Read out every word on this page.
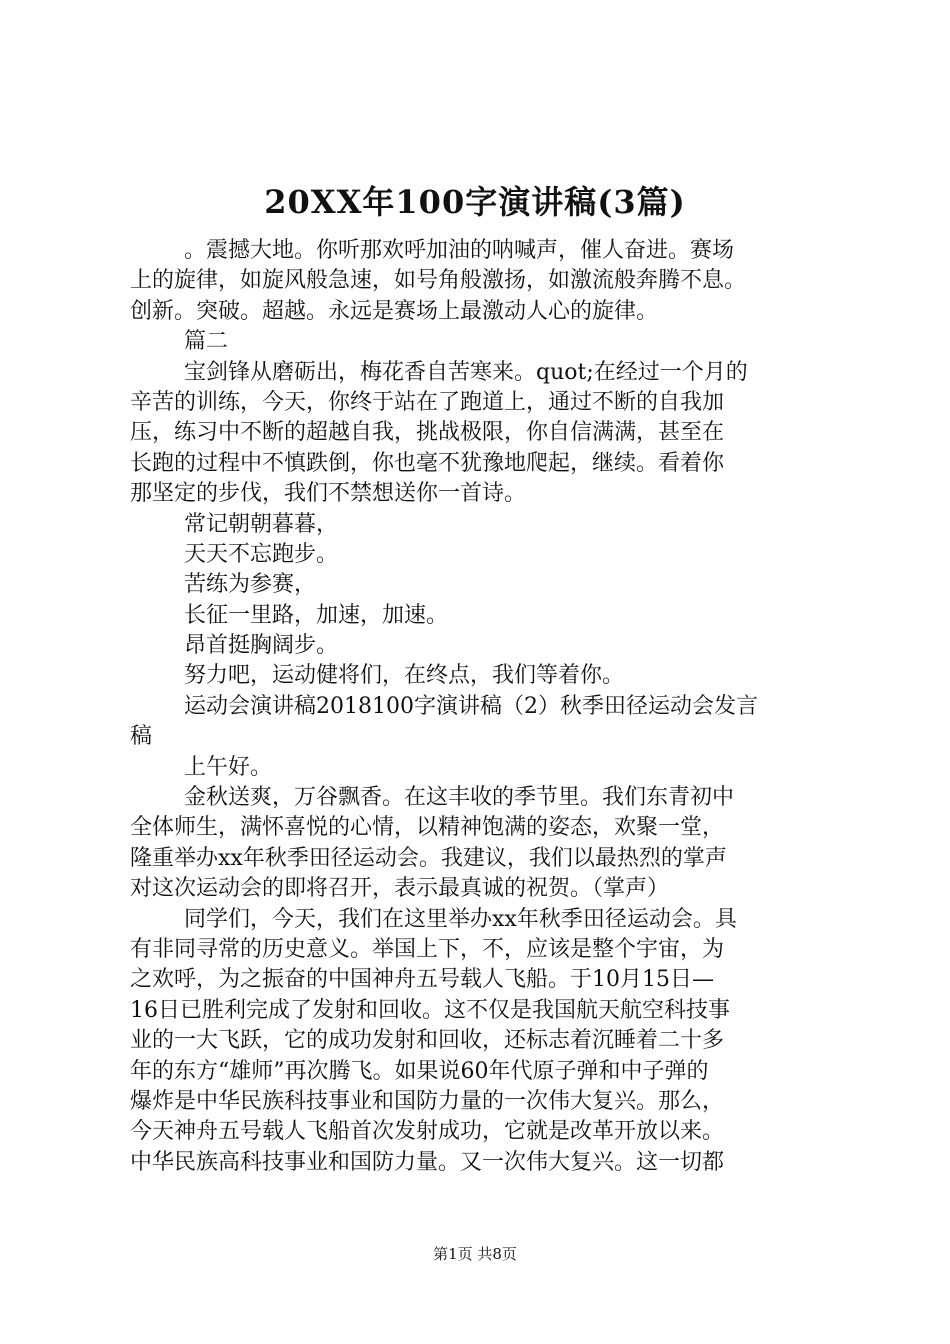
20XX年100字演讲稿(3篇)
。震撼大地。你听那欢呼加油的呐喊声，催人奋进。赛场
上的旋律，如旋风般急速，如号角般激扬，如激流般奔腾不息。
创新。突破。超越。永远是赛场上最激动人心的旋律。
篇二
宝剑锋从磨砺出，梅花香自苦寒来。quot;在经过一个月的
辛苦的训练，今天，你终于站在了跑道上，通过不断的自我加
压，练习中不断的超越自我，挑战极限，你自信满满，甚至在
长跑的过程中不慎跌倒，你也毫不犹豫地爬起，继续。看着你
那坚定的步伐，我们不禁想送你一首诗。
常记朝朝暮暮，
天天不忘跑步。
苦练为参赛，
长征一里路，加速，加速。
昂首挺胸阔步。
努力吧，运动健将们，在终点，我们等着你。
运动会演讲稿2018100字演讲稿（2）秋季田径运动会发言
稿
上午好。
金秋送爽，万谷飘香。在这丰收的季节里。我们东青初中
全体师生，满怀喜悦的心情，以精神饱满的姿态，欢聚一堂，
隆重举办xx年秋季田径运动会。我建议，我们以最热烈的掌声
对这次运动会的即将召开，表示最真诚的祝贺。（掌声）
同学们，今天，我们在这里举办xx年秋季田径运动会。具
有非同寻常的历史意义。举国上下，不，应该是整个宇宙，为
之欢呼，为之振奋的中国神舟五号载人飞船。于10月15日—
16日已胜利完成了发射和回收。这不仅是我国航天航空科技事
业的一大飞跃，它的成功发射和回收，还标志着沉睡着二十多
年的东方“雄师”再次腾飞。如果说60年代原子弹和中子弹的
爆炸是中华民族科技事业和国防力量的一次伟大复兴。那么，
今天神舟五号载人飞船首次发射成功，它就是改革开放以来。
中华民族高科技事业和国防力量。又一次伟大复兴。这一切都
第1页 共8页
